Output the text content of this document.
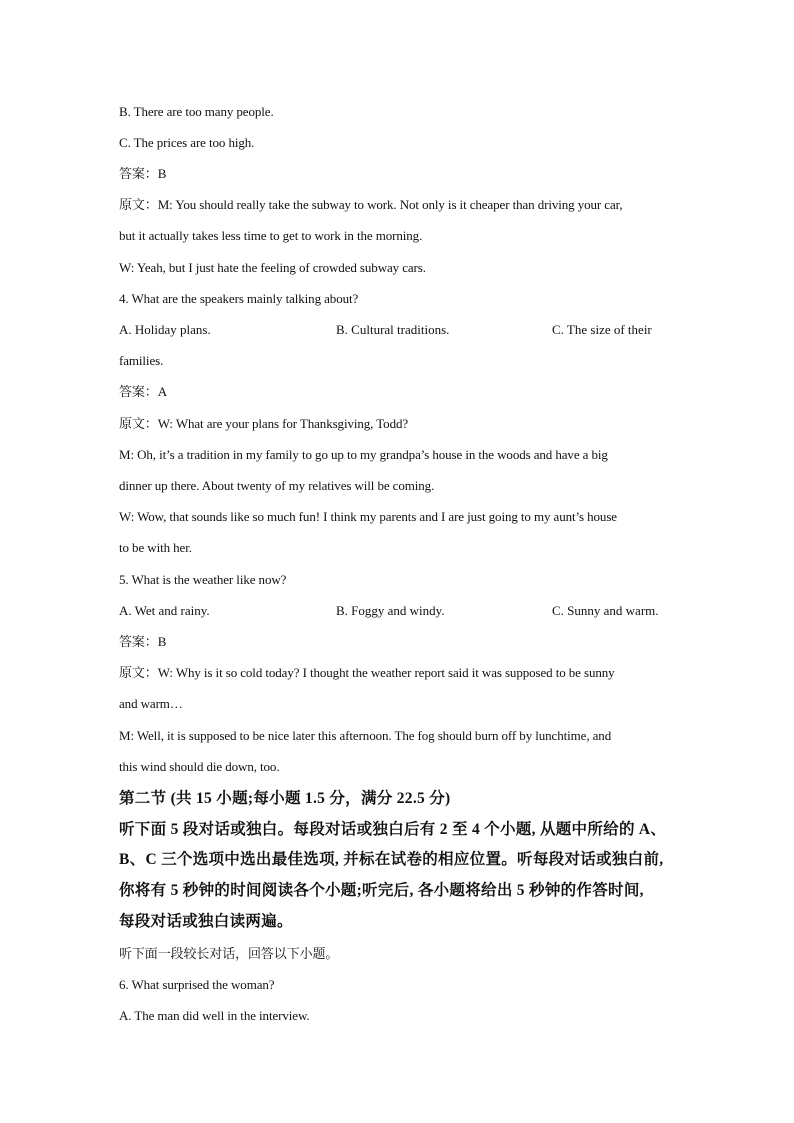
B. There are too many people.
C. The prices are too high.
答案：B
原文：M: You should really take the subway to work. Not only is it cheaper than driving your car,
but it actually takes less time to get to work in the morning.
W: Yeah, but I just hate the feeling of crowded subway cars.
4. What are the speakers mainly talking about?
A. Holiday plans.	B. Cultural traditions.	C. The size of their
families.
答案：A
原文：W: What are your plans for Thanksgiving, Todd?
M: Oh, it’s a tradition in my family to go up to my grandpa’s house in the woods and have a big
dinner up there. About twenty of my relatives will be coming.
W: Wow, that sounds like so much fun! I think my parents and I are just going to my aunt’s house
to be with her.
5. What is the weather like now?
A. Wet and rainy.	B. Foggy and windy.	C. Sunny and warm.
答案：B
原文：W: Why is it so cold today? I thought the weather report said it was supposed to be sunny
and warm…
M: Well, it is supposed to be nice later this afternoon. The fog should burn off by lunchtime, and
this wind should die down, too.
第二节 (共 15 小题;每小题 1.5 分，满分 22.5 分)
听下面 5 段对话或独白。每段对话或独白后有 2 至 4 个小题, 从题中所给的 A、
B、C 三个选项中选出最佳选项, 并标在试卷的相应位置。听每段对话或独白前,
你将有 5 秒钟的时间阅读各个小题;听完后, 各小题将给出 5 秒钟的作答时间,
每段对话或独白读两遍。
听下面一段较长对话，回答以下小题。
6. What surprised the woman?
A. The man did well in the interview.
